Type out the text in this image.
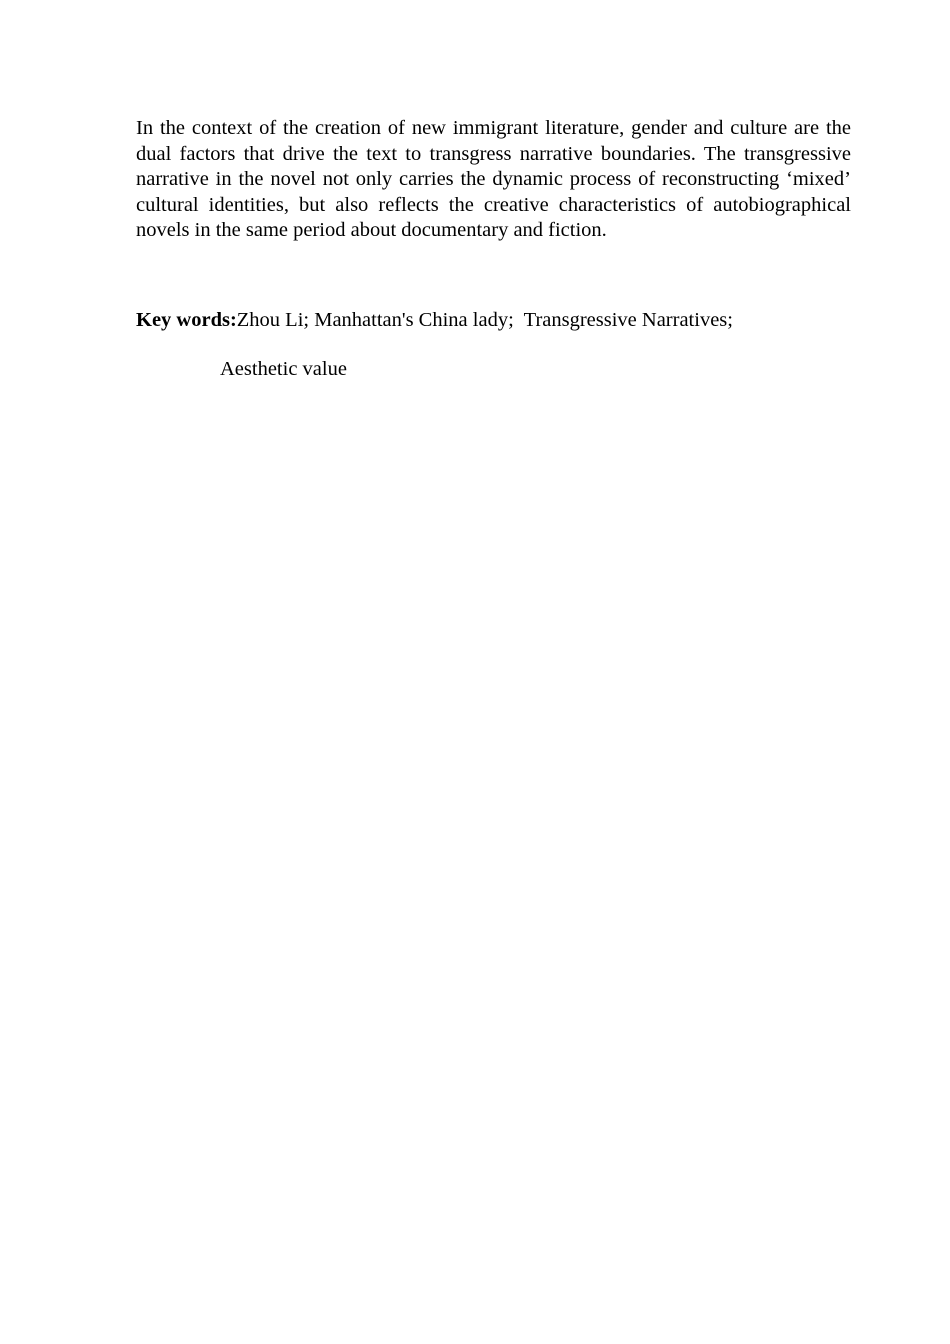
In the context of the creation of new immigrant literature, gender and culture are the dual factors that drive the text to transgress narrative boundaries. The transgressive narrative in the novel not only carries the dynamic process of reconstructing ‘mixed’ cultural identities, but also reflects the creative characteristics of autobiographical novels in the same period about documentary and fiction.

Key words:Zhou Li; Manhattan's China lady;  Transgressive Narratives;

Aesthetic value
